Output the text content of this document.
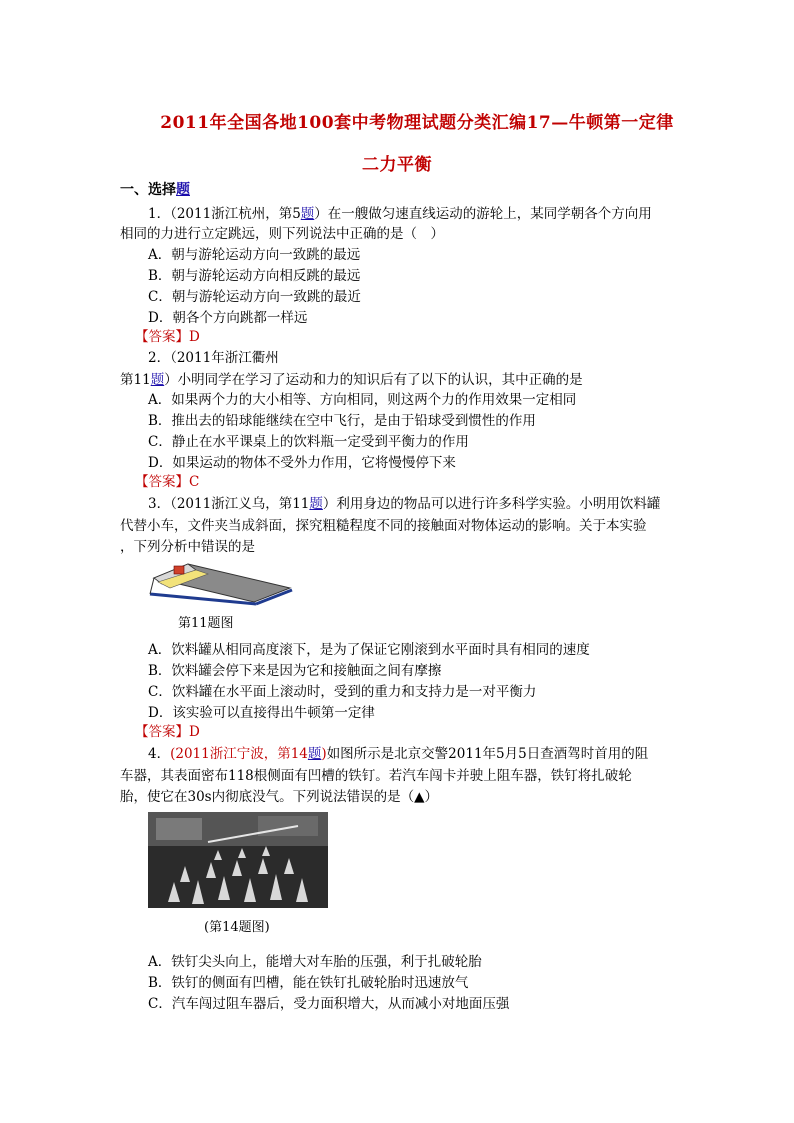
2011年全国各地100套中考物理试题分类汇编17—牛顿第一定律
二力平衡
一、选择题
1．（2011浙江杭州，第5题）在一艘做匀速直线运动的游轮上，某同学朝各个方向用
相同的力进行立定跳远，则下列说法中正确的是（　）
A．朝与游轮运动方向一致跳的最远
B．朝与游轮运动方向相反跳的最远
C．朝与游轮运动方向一致跳的最近
D．朝各个方向跳都一样远
【答案】D
2．（2011年浙江衢州
第11题）小明同学在学习了运动和力的知识后有了以下的认识，其中正确的是
A．如果两个力的大小相等、方向相同，则这两个力的作用效果一定相同
B．推出去的铅球能继续在空中飞行，是由于铅球受到惯性的作用
C．静止在水平课桌上的饮料瓶一定受到平衡力的作用
D．如果运动的物体不受外力作用，它将慢慢停下来
【答案】C
3．（2011浙江义乌，第11题）利用身边的物品可以进行许多科学实验。小明用饮料罐
代替小车，文件夹当成斜面，探究粗糙程度不同的接触面对物体运动的影响。关于本实验
，下列分析中错误的是
第11题图
A．饮料罐从相同高度滚下，是为了保证它刚滚到水平面时具有相同的速度
B．饮料罐会停下来是因为它和接触面之间有摩擦
C．饮料罐在水平面上滚动时，受到的重力和支持力是一对平衡力
D．该实验可以直接得出牛顿第一定律
【答案】D
4．(2011浙江宁波，第14题)如图所示是北京交警2011年5月5日查酒驾时首用的阻
车器，其表面密布118根侧面有凹槽的铁钉。若汽车闯卡并驶上阻车器，铁钉将扎破轮
胎，使它在30s内彻底没气。下列说法错误的是（▲）
(第14题图)
A．铁钉尖头向上，能增大对车胎的压强，利于扎破轮胎
B．铁钉的侧面有凹槽，能在铁钉扎破轮胎时迅速放气
C．汽车闯过阻车器后，受力面积增大，从而减小对地面压强
